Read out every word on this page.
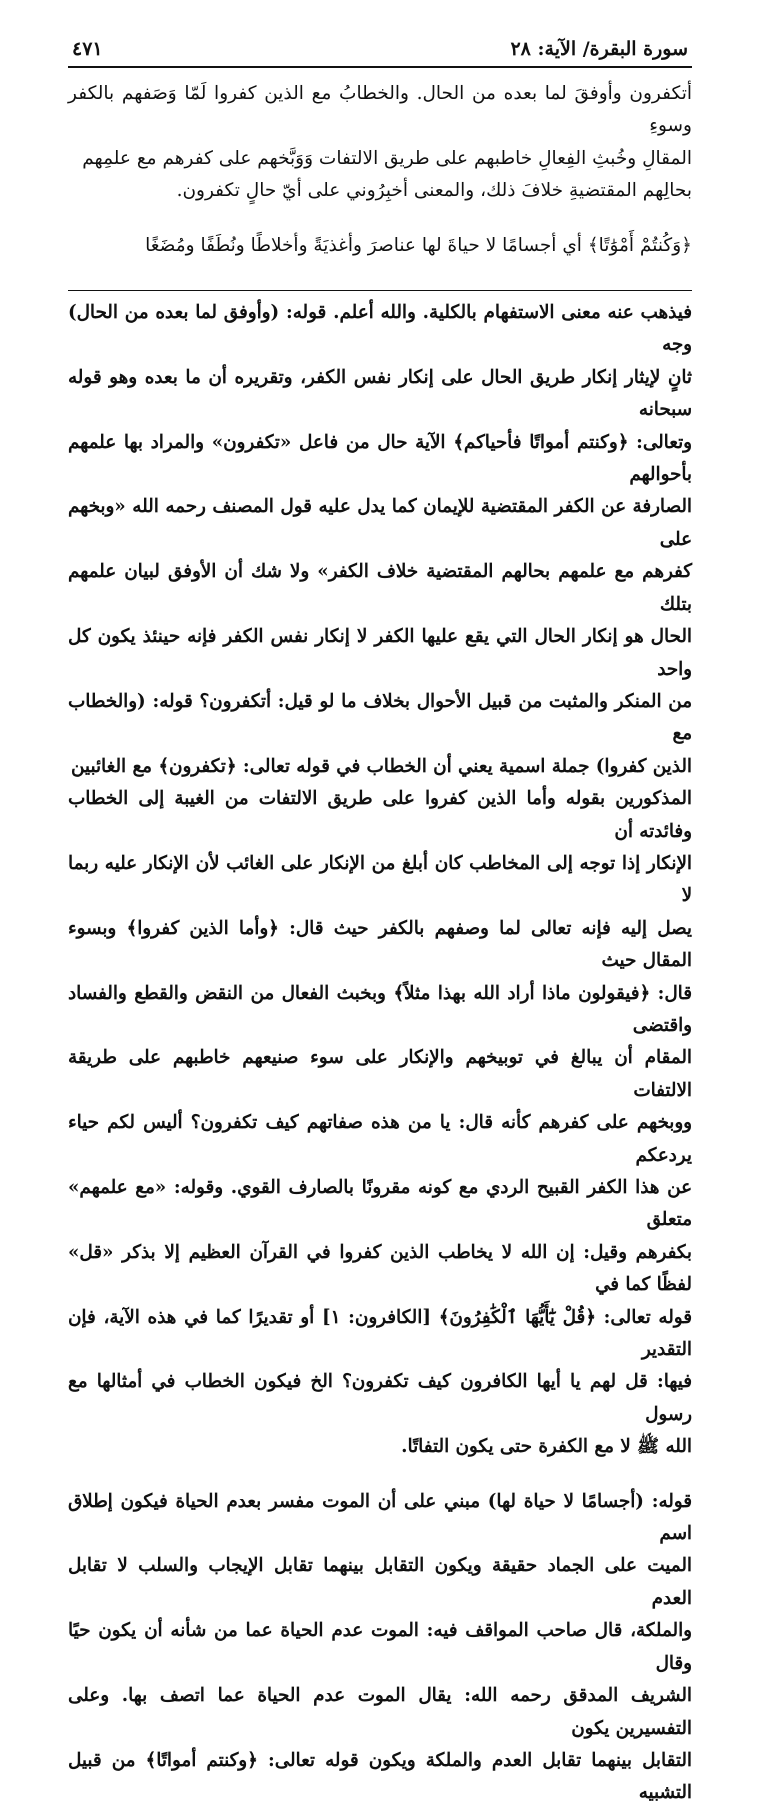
سورة البقرة/ الآية: ٢٨
٤٧١

أتكفرون وأوفقَ لما بعده من الحال. والخطابُ مع الذين كفروا لَمّا وَصَفهم بالكفر وسوءِ

المقالِ وخُبثِ الفِعالِ خاطبهم على طريق الالتفات وَوَبَّخهم على كفرهم مع علمِهم

بحالِهم المقتضيةِ خلافَ ذلك، والمعنى أخبِرُوني على أيّ حالٍ تكفرون.

﴿وَكُنتُمْ أَمْوَٰتًا﴾ أي أجسامًا لا حياةَ لها عناصرَ وأغذيَةً وأخلاطًا ونُطَفًا ومُضَغًا

فيذهب عنه معنى الاستفهام بالكلية. والله أعلم. قوله: (وأوفق لما بعده من الحال) وجه

ثانٍ لإيثار إنكار طريق الحال على إنكار نفس الكفر، وتقريره أن ما بعده وهو قوله سبحانه

وتعالى: ﴿وكنتم أمواتًا فأحياكم﴾ الآية حال من فاعل «تكفرون» والمراد بها علمهم بأحوالهم

الصارفة عن الكفر المقتضية للإيمان كما يدل عليه قول المصنف رحمه الله «وبخهم على

كفرهم مع علمهم بحالهم المقتضية خلاف الكفر» ولا شك أن الأوفق لبيان علمهم بتلك

الحال هو إنكار الحال التي يقع عليها الكفر لا إنكار نفس الكفر فإنه حينئذ يكون كل واحد

من المنكر والمثبت من قبيل الأحوال بخلاف ما لو قيل: أتكفرون؟ قوله: (والخطاب مع

الذين كفروا) جملة اسمية يعني أن الخطاب في قوله تعالى: ﴿تكفرون﴾ مع الغائبين

المذكورين بقوله وأما الذين كفروا على طريق الالتفات من الغيبة إلى الخطاب وفائدته أن

الإنكار إذا توجه إلى المخاطب كان أبلغ من الإنكار على الغائب لأن الإنكار عليه ربما لا

يصل إليه فإنه تعالى لما وصفهم بالكفر حيث قال: ﴿وأما الذين كفروا﴾ وبسوء المقال حيث

قال: ﴿فيقولون ماذا أراد الله بهذا مثلاً﴾ وبخبث الفعال من النقض والقطع والفساد واقتضى

المقام أن يبالغ في توبيخهم والإنكار على سوء صنيعهم خاطبهم على طريقة الالتفات

ووبخهم على كفرهم كأنه قال: يا من هذه صفاتهم كيف تكفرون؟ أليس لكم حياء يردعكم

عن هذا الكفر القبيح الردي مع كونه مقرونًا بالصارف القوي. وقوله: «مع علمهم» متعلق

بكفرهم وقيل: إن الله لا يخاطب الذين كفروا في القرآن العظيم إلا بذكر «قل» لفظًا كما في

قوله تعالى: ﴿قُلْ يَٰٓأَيُّهَا ٱلْكَٰفِرُونَ﴾ [الكافرون: ١] أو تقديرًا كما في هذه الآية، فإن التقدير

فيها: قل لهم يا أيها الكافرون كيف تكفرون؟ الخ فيكون الخطاب في أمثالها مع رسول

الله ﷺ لا مع الكفرة حتى يكون التفاتًا.

قوله: (أجسامًا لا حياة لها) مبني على أن الموت مفسر بعدم الحياة فيكون إطلاق اسم

الميت على الجماد حقيقة ويكون التقابل بينهما تقابل الإيجاب والسلب لا تقابل العدم

والملكة، قال صاحب المواقف فيه: الموت عدم الحياة عما من شأنه أن يكون حيًا وقال

الشريف المدقق رحمه الله: يقال الموت عدم الحياة عما اتصف بها. وعلى التفسيرين يكون

التقابل بينهما تقابل العدم والملكة ويكون قوله تعالى: ﴿وكنتم أمواتًا﴾ من قبيل التشبيه
